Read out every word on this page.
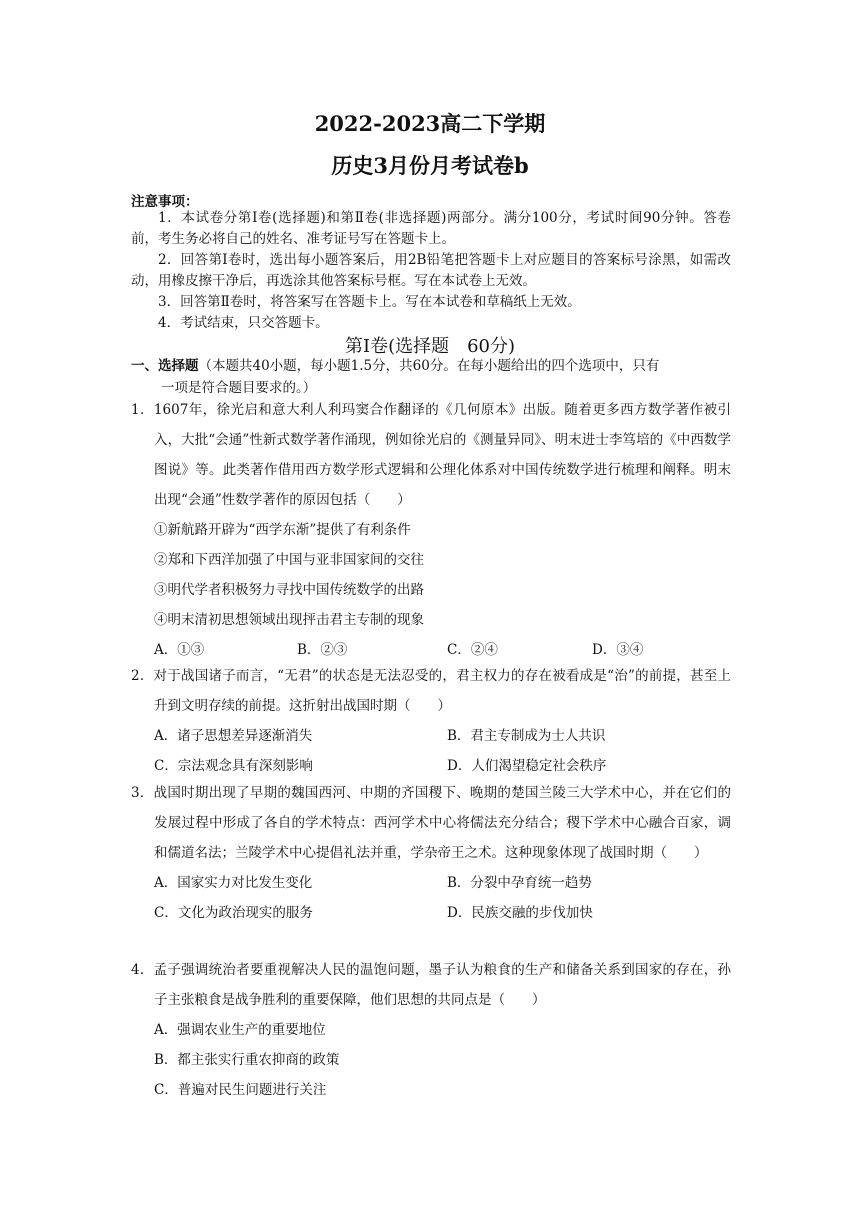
2022-2023高二下学期
历史3月份月考试卷b
注意事项：

1．本试卷分第Ⅰ卷(选择题)和第Ⅱ卷(非选择题)两部分。满分100分，考试时间90分钟。答卷前，考生务必将自己的姓名、准考证号写在答题卡上。

2．回答第Ⅰ卷时，选出每小题答案后，用2B铅笔把答题卡上对应题目的答案标号涂黑，如需改动，用橡皮擦干净后，再选涂其他答案标号框。写在本试卷上无效。

3．回答第Ⅱ卷时，将答案写在答题卡上。写在本试卷和草稿纸上无效。

4．考试结束，只交答题卡。

第Ⅰ卷(选择题 60分)
一、选择题（本题共40小题，每小题1.5分，共60分。在每小题给出的四个选项中，只有
一项是符合题目要求的。）

1．1607年，徐光启和意大利人利玛窦合作翻译的《几何原本》出版。随着更多西方数学著作被引入，大批“会通”性新式数学著作涌现，例如徐光启的《测量异同》、明末进士李笃培的《中西数学图说》等。此类著作借用西方数学形式逻辑和公理化体系对中国传统数学进行梳理和阐释。明末出现“会通”性数学著作的原因包括（　　）

①新航路开辟为“西学东渐”提供了有利条件
②郑和下西洋加强了中国与亚非国家间的交往
③明代学者积极努力寻找中国传统数学的出路
④明末清初思想领域出现抨击君主专制的现象
A．①③	B．②③	C．②④	D．③④

2．对于战国诸子而言，“无君”的状态是无法忍受的，君主权力的存在被看成是“治”的前提，甚至上升到文明存续的前提。这折射出战国时期（　　）

A．诸子思想差异逐渐消失	B．君主专制成为士人共识
C．宗法观念具有深刻影响	D．人们渴望稳定社会秩序

3．战国时期出现了早期的魏国西河、中期的齐国稷下、晚期的楚国兰陵三大学术中心，并在它们的发展过程中形成了各自的学术特点：西河学术中心将儒法充分结合；稷下学术中心融合百家，调和儒道名法；兰陵学术中心提倡礼法并重，学杂帝王之术。这种现象体现了战国时期（　　）

A．国家实力对比发生变化	B．分裂中孕育统一趋势
C．文化为政治现实的服务	D．民族交融的步伐加快

4．孟子强调统治者要重视解决人民的温饱问题，墨子认为粮食的生产和储备关系到国家的存在，孙子主张粮食是战争胜利的重要保障，他们思想的共同点是（　　）

A．强调农业生产的重要地位
B．都主张实行重农抑商的政策
C．普遍对民生问题进行关注
